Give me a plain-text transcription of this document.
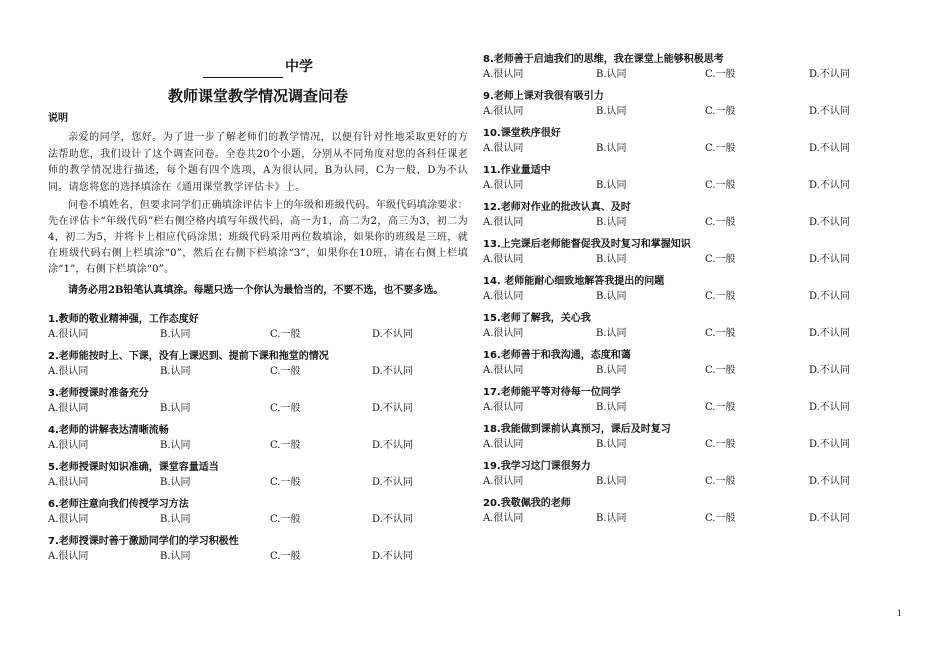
中学
教师课堂教学情况调查问卷
说明
亲爱的同学，您好。为了进一步了解老师们的教学情况，以便有针对性地采取更好的方法帮助您，我们设计了这个调查问卷。全卷共20个小题，分别从不同角度对您的各科任课老师的教学情况进行描述，每个题有四个选项，A为很认同，B为认同，C为一般，D为不认同。请您将您的选择填涂在《通用课堂教学评估卡》上。
问卷不填姓名，但要求同学们正确填涂评估卡上的年级和班级代码。年级代码填涂要求：先在评估卡“年级代码”栏右侧空格内填写年级代码，高一为1，高二为2，高三为3，初二为4，初二为5，并将卡上相应代码涂黑；班级代码采用两位数填涂，如果你的班级是三班，就在班级代码右侧上栏填涂“0”，然后在右侧下栏填涂“3”，如果你在10班，请在右侧上栏填涂“1”，右侧下栏填涂“0”。
请务必用2B铅笔认真填涂。每题只选一个你认为最恰当的，不要不选，也不要多选。
1.教师的敬业精神强，工作态度好
A.很认同	B.认同	C.一般	D.不认同
2.老师能按时上、下课，没有上课迟到、提前下课和拖堂的情况
A.很认同	B.认同	C.一般	D.不认同
3.老师授课时准备充分
A.很认同	B.认同	C.一般	D.不认同
4.老师的讲解表达清晰流畅
A.很认同	B.认同	C.一般	D.不认同
5.老师授课时知识准确，课堂容量适当
A.很认同	B.认同	C.一般	D.不认同
6.老师注意向我们传授学习方法
A.很认同	B.认同	C.一般	D.不认同
7.老师授课时善于激励同学们的学习积极性
A.很认同	B.认同	C.一般	D.不认同
8.老师善于启迪我们的思维，我在课堂上能够积极思考
A.很认同	B.认同	C.一般	D.不认同
9.老师上课对我很有吸引力
A.很认同	B.认同	C.一般	D.不认同
10.课堂秩序很好
A.很认同	B.认同	C.一般	D.不认同
11.作业量适中
A.很认同	B.认同	C.一般	D.不认同
12.老师对作业的批改认真、及时
A.很认同	B.认同	C.一般	D.不认同
13.上完课后老师能督促我及时复习和掌握知识
A.很认同	B.认同	C.一般	D.不认同
14. 老师能耐心细致地解答我提出的问题
A.很认同	B.认同	C.一般	D.不认同
15.老师了解我，关心我
A.很认同	B.认同	C.一般	D.不认同
16.老师善于和我沟通，态度和蔼
A.很认同	B.认同	C.一般	D.不认同
17.老师能平等对待每一位同学
A.很认同	B.认同	C.一般	D.不认同
18.我能做到课前认真预习，课后及时复习
A.很认同	B.认同	C.一般	D.不认同
19.我学习这门课很努力
A.很认同	B.认同	C.一般	D.不认同
20.我敬佩我的老师
A.很认同	B.认同	C.一般	D.不认同
1
